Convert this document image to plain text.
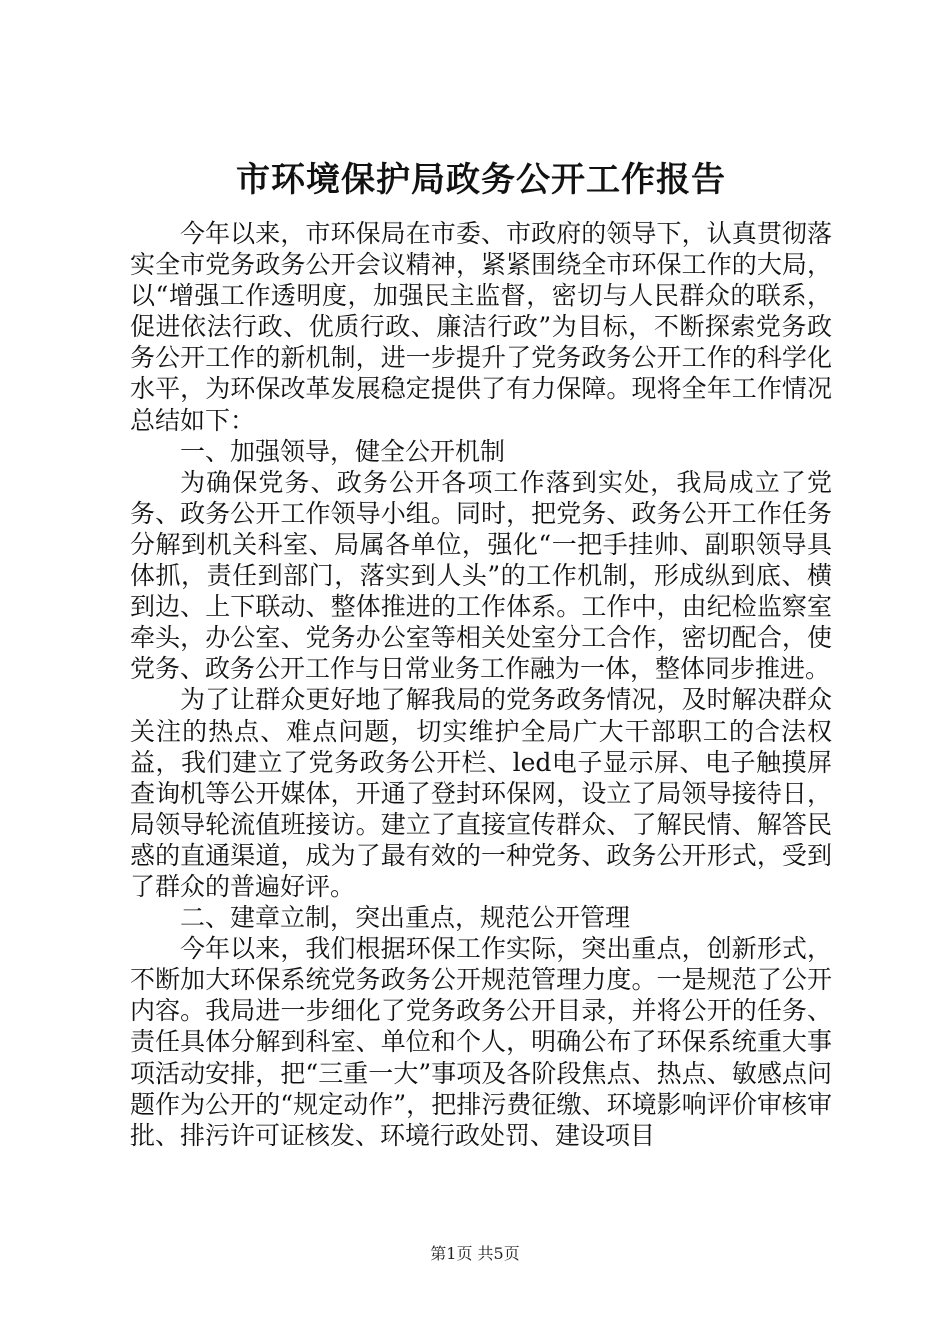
市环境保护局政务公开工作报告

今年以来，市环保局在市委、市政府的领导下，认真贯彻落实全市党务政务公开会议精神，紧紧围绕全市环保工作的大局，以“增强工作透明度，加强民主监督，密切与人民群众的联系，促进依法行政、优质行政、廉洁行政”为目标，不断探索党务政务公开工作的新机制，进一步提升了党务政务公开工作的科学化水平，为环保改革发展稳定提供了有力保障。现将全年工作情况总结如下：

一、加强领导，健全公开机制

为确保党务、政务公开各项工作落到实处，我局成立了党务、政务公开工作领导小组。同时，把党务、政务公开工作任务分解到机关科室、局属各单位，强化“一把手挂帅、副职领导具体抓，责任到部门，落实到人头”的工作机制，形成纵到底、横到边、上下联动、整体推进的工作体系。工作中，由纪检监察室牵头，办公室、党务办公室等相关处室分工合作，密切配合，使党务、政务公开工作与日常业务工作融为一体，整体同步推进。

为了让群众更好地了解我局的党务政务情况，及时解决群众关注的热点、难点问题，切实维护全局广大干部职工的合法权益，我们建立了党务政务公开栏、led电子显示屏、电子触摸屏查询机等公开媒体，开通了登封环保网，设立了局领导接待日，局领导轮流值班接访。建立了直接宣传群众、了解民情、解答民惑的直通渠道，成为了最有效的一种党务、政务公开形式，受到了群众的普遍好评。

二、建章立制，突出重点，规范公开管理

今年以来，我们根据环保工作实际，突出重点，创新形式，不断加大环保系统党务政务公开规范管理力度。一是规范了公开内容。我局进一步细化了党务政务公开目录，并将公开的任务、责任具体分解到科室、单位和个人，明确公布了环保系统重大事项活动安排，把“三重一大”事项及各阶段焦点、热点、敏感点问题作为公开的“规定动作”，把排污费征缴、环境影响评价审核审批、排污许可证核发、环境行政处罚、建设项目

第1页 共5页
